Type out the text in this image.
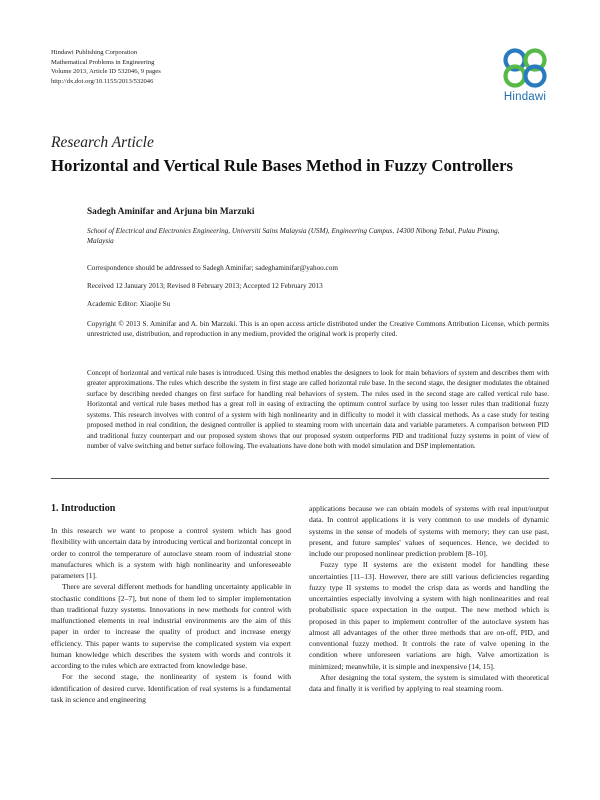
Hindawi Publishing Corporation
Mathematical Problems in Engineering
Volume 2013, Article ID 532046, 9 pages
http://dx.doi.org/10.1155/2013/532046
Hindawi
Research Article
Horizontal and Vertical Rule Bases Method in Fuzzy Controllers
Sadegh Aminifar and Arjuna bin Marzuki
School of Electrical and Electronics Engineering, Universiti Sains Malaysia (USM), Engineering Campus, 14300 Nibong Tebal, Pulau Pinang, Malaysia
Correspondence should be addressed to Sadegh Aminifar; sadeghaminifar@yahoo.com
Received 12 January 2013; Revised 8 February 2013; Accepted 12 February 2013
Academic Editor: Xiaojie Su
Copyright © 2013 S. Aminifar and A. bin Marzuki. This is an open access article distributed under the Creative Commons Attribution License, which permits unrestricted use, distribution, and reproduction in any medium, provided the original work is properly cited.
Concept of horizontal and vertical rule bases is introduced. Using this method enables the designers to look for main behaviors of system and describes them with greater approximations. The rules which describe the system in first stage are called horizontal rule base. In the second stage, the designer modulates the obtained surface by describing needed changes on first surface for handling real behaviors of system. The rules used in the second stage are called vertical rule base. Horizontal and vertical rule bases method has a great roll in easing of extracting the optimum control surface by using too lesser rules than traditional fuzzy systems. This research involves with control of a system with high nonlinearity and in difficulty to model it with classical methods. As a case study for testing proposed method in real condition, the designed controller is applied to steaming room with uncertain data and variable parameters. A comparison between PID and traditional fuzzy counterpart and our proposed system shows that our proposed system outperforms PID and traditional fuzzy systems in point of view of number of valve switching and better surface following. The evaluations have done both with model simulation and DSP implementation.
1. Introduction

In this research we want to propose a control system which has good flexibility with uncertain data by introducing vertical and horizontal concept in order to control the temperature of autoclave steam room of industrial stone manufactures which is a system with high nonlinearity and unforeseeable parameters [1].

There are several different methods for handling uncertainty applicable in stochastic conditions [2–7], but none of them led to simpler implementation than traditional fuzzy systems. Innovations in new methods for control with malfunctioned elements in real industrial environments are the aim of this paper in order to increase the quality of product and increase energy efficiency. This paper wants to supervise the complicated system via expert human knowledge which describes the system with words and controls it according to the rules which are extracted from knowledge base.

For the second stage, the nonlinearity of system is found with identification of desired curve. Identification of real systems is a fundamental task in science and engineering

applications because we can obtain models of systems with real input/output data. In control applications it is very common to use models of dynamic systems in the sense of models of systems with memory; they can use past, present, and future samples' values of sequences. Hence, we decided to include our proposed nonlinear prediction problem [8–10].

Fuzzy type II systems are the existent model for handling these uncertainties [11–13]. However, there are still various deficiencies regarding fuzzy type II systems to model the crisp data as words and handling the uncertainties especially involving a system with high nonlinearities and real probabilistic space expectation in the output. The new method which is proposed in this paper to implement controller of the autoclave system has almost all advantages of the other three methods that are on-off, PID, and conventional fuzzy method. It controls the rate of valve opening in the condition where unforeseen variations are high. Valve amortization is minimized; meanwhile, it is simple and inexpensive [14, 15].

After designing the total system, the system is simulated with theoretical data and finally it is verified by applying to real steaming room.
